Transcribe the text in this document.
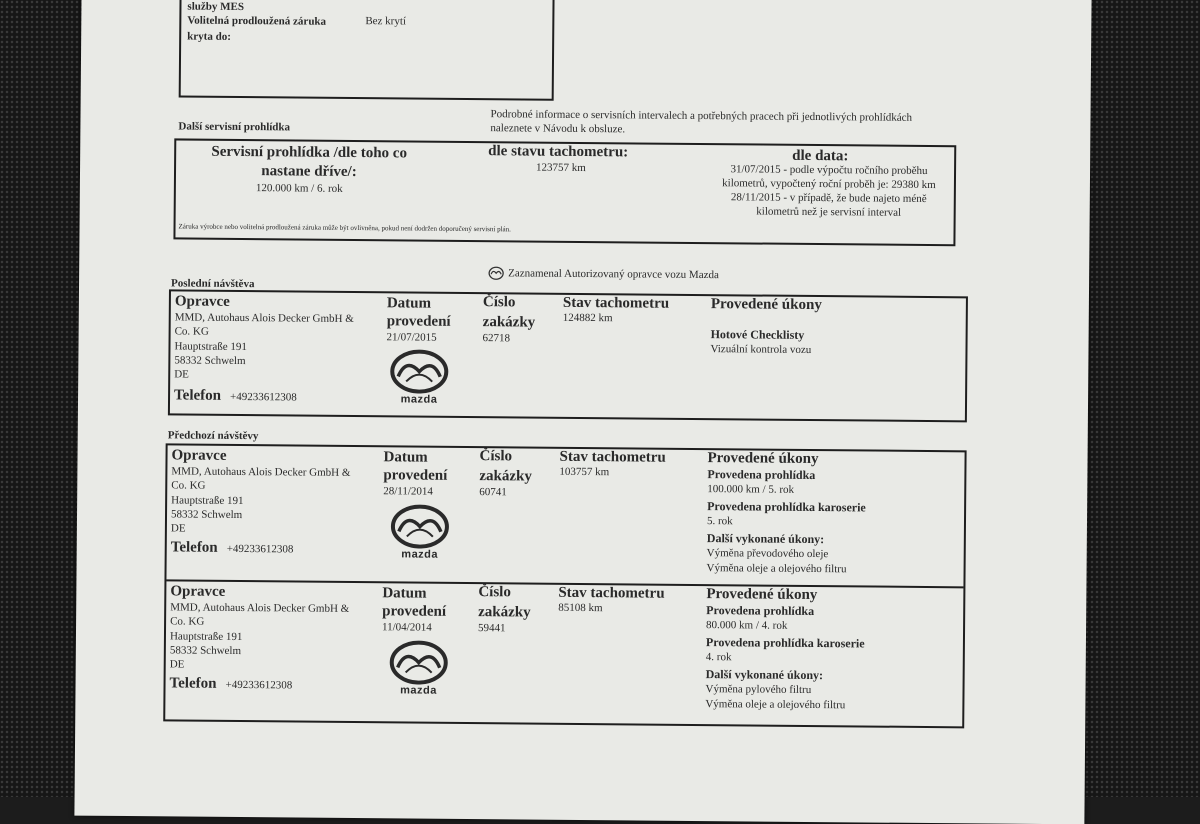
služby MES
Volitelná prodloužená záruka	Bez krytí
kryta do:
Další servisní prohlídka
Podrobné informace o servisních intervalech a potřebných pracech při jednotlivých prohlídkách naleznete v Návodu k obsluze.
Servisní prohlídka /dle toho co nastane dříve/:
120.000 km / 6. rok
dle stavu tachometru:
123757 km
dle data:
31/07/2015 - podle výpočtu ročního proběhu
kilometrů, vypočtený roční proběh je: 29380 km
28/11/2015 - v případě, že bude najeto méně
kilometrů než je servisní interval
Záruka výrobce nebo volitelná prodloužená záruka může být ovlivněna, pokud není dodržen doporučený servisní plán.
Poslední návštěva
Zaznamenal Autorizovaný opravce vozu Mazda
Opravce
MMD, Autohaus Alois Decker GmbH &
Co. KG
Hauptstraße 191
58332 Schwelm
DE
Telefon +49233612308
Datum
provedení
21/07/2015
mazda
Číslo
zakázky
62718
Stav tachometru
124882 km
Provedené úkony
Hotové Checklisty
Vizuální kontrola vozu
Předchozí návštěvy
Opravce
MMD, Autohaus Alois Decker GmbH &
Co. KG
Hauptstraße 191
58332 Schwelm
DE
Telefon +49233612308
Datum
provedení
28/11/2014
mazda
Číslo
zakázky
60741
Stav tachometru
103757 km
Provedené úkony
Provedena prohlídka
100.000 km / 5. rok
Provedena prohlídka karoserie
5. rok
Další vykonané úkony:
Výměna převodového oleje
Výměna oleje a olejového filtru
Opravce
MMD, Autohaus Alois Decker GmbH &
Co. KG
Hauptstraße 191
58332 Schwelm
DE
Telefon +49233612308
Datum
provedení
11/04/2014
mazda
Číslo
zakázky
59441
Stav tachometru
85108 km
Provedené úkony
Provedena prohlídka
80.000 km / 4. rok
Provedena prohlídka karoserie
4. rok
Další vykonané úkony:
Výměna pylového filtru
Výměna oleje a olejového filtru
